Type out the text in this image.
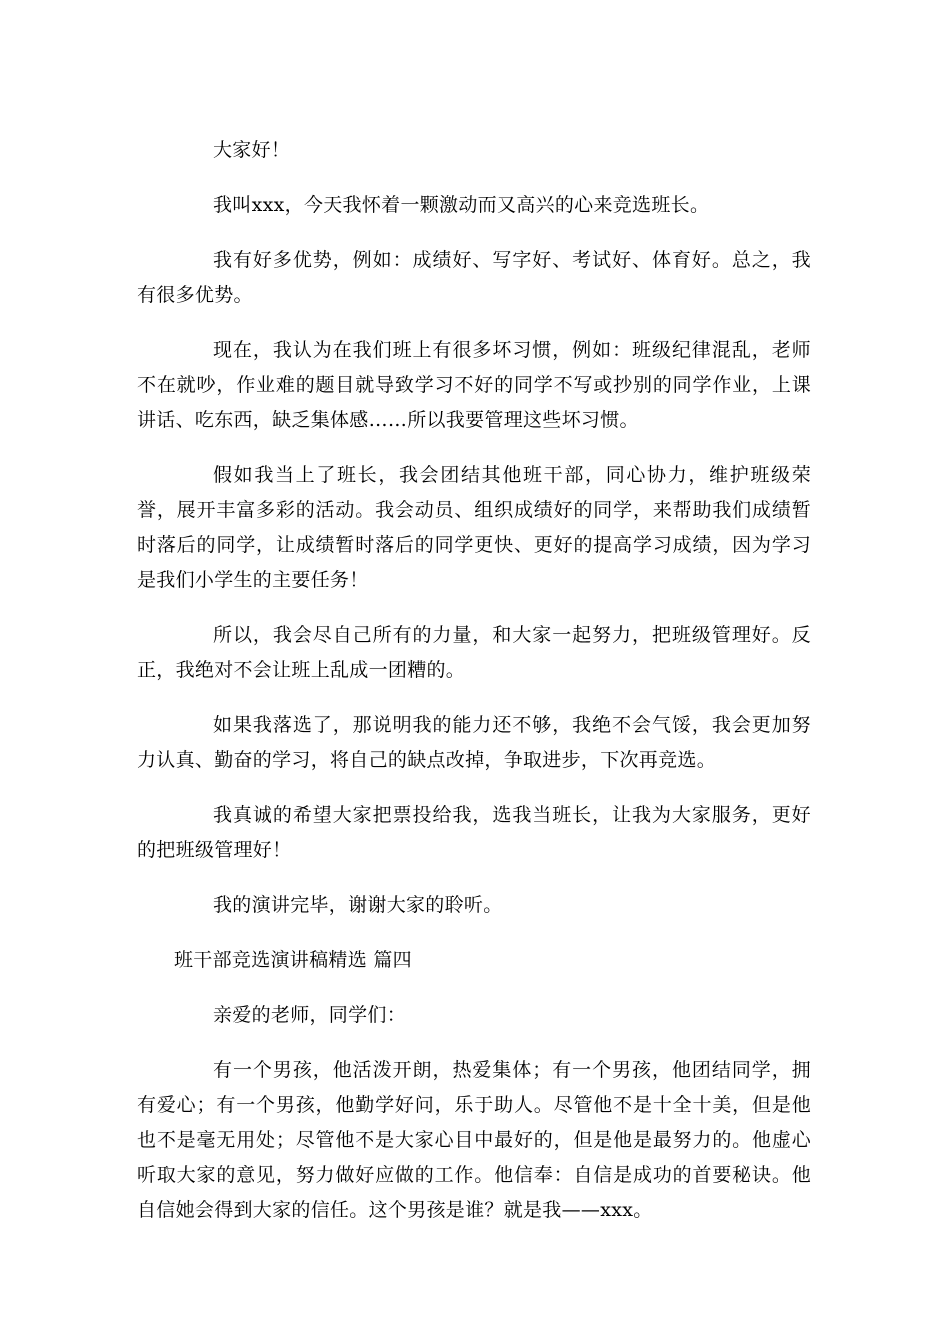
大家好！

我叫xxx，今天我怀着一颗激动而又高兴的心来竞选班长。

我有好多优势，例如：成绩好、写字好、考试好、体育好。总之，我有很多优势。

现在，我认为在我们班上有很多坏习惯，例如：班级纪律混乱，老师不在就吵，作业难的题目就导致学习不好的同学不写或抄别的同学作业，上课讲话、吃东西，缺乏集体感……所以我要管理这些坏习惯。

假如我当上了班长，我会团结其他班干部，同心协力，维护班级荣誉，展开丰富多彩的活动。我会动员、组织成绩好的同学，来帮助我们成绩暂时落后的同学，让成绩暂时落后的同学更快、更好的提高学习成绩，因为学习是我们小学生的主要任务！

所以，我会尽自己所有的力量，和大家一起努力，把班级管理好。反正，我绝对不会让班上乱成一团糟的。

如果我落选了，那说明我的能力还不够，我绝不会气馁，我会更加努力认真、勤奋的学习，将自己的缺点改掉，争取进步，下次再竞选。

我真诚的希望大家把票投给我，选我当班长，让我为大家服务，更好的把班级管理好！

我的演讲完毕，谢谢大家的聆听。

班干部竞选演讲稿精选 篇四

亲爱的老师，同学们：

有一个男孩，他活泼开朗，热爱集体；有一个男孩，他团结同学，拥有爱心；有一个男孩，他勤学好问，乐于助人。尽管他不是十全十美，但是他也不是毫无用处；尽管他不是大家心目中最好的，但是他是最努力的。他虚心听取大家的意见，努力做好应做的工作。他信奉：自信是成功的首要秘诀。他自信她会得到大家的信任。这个男孩是谁？就是我——xxx。
